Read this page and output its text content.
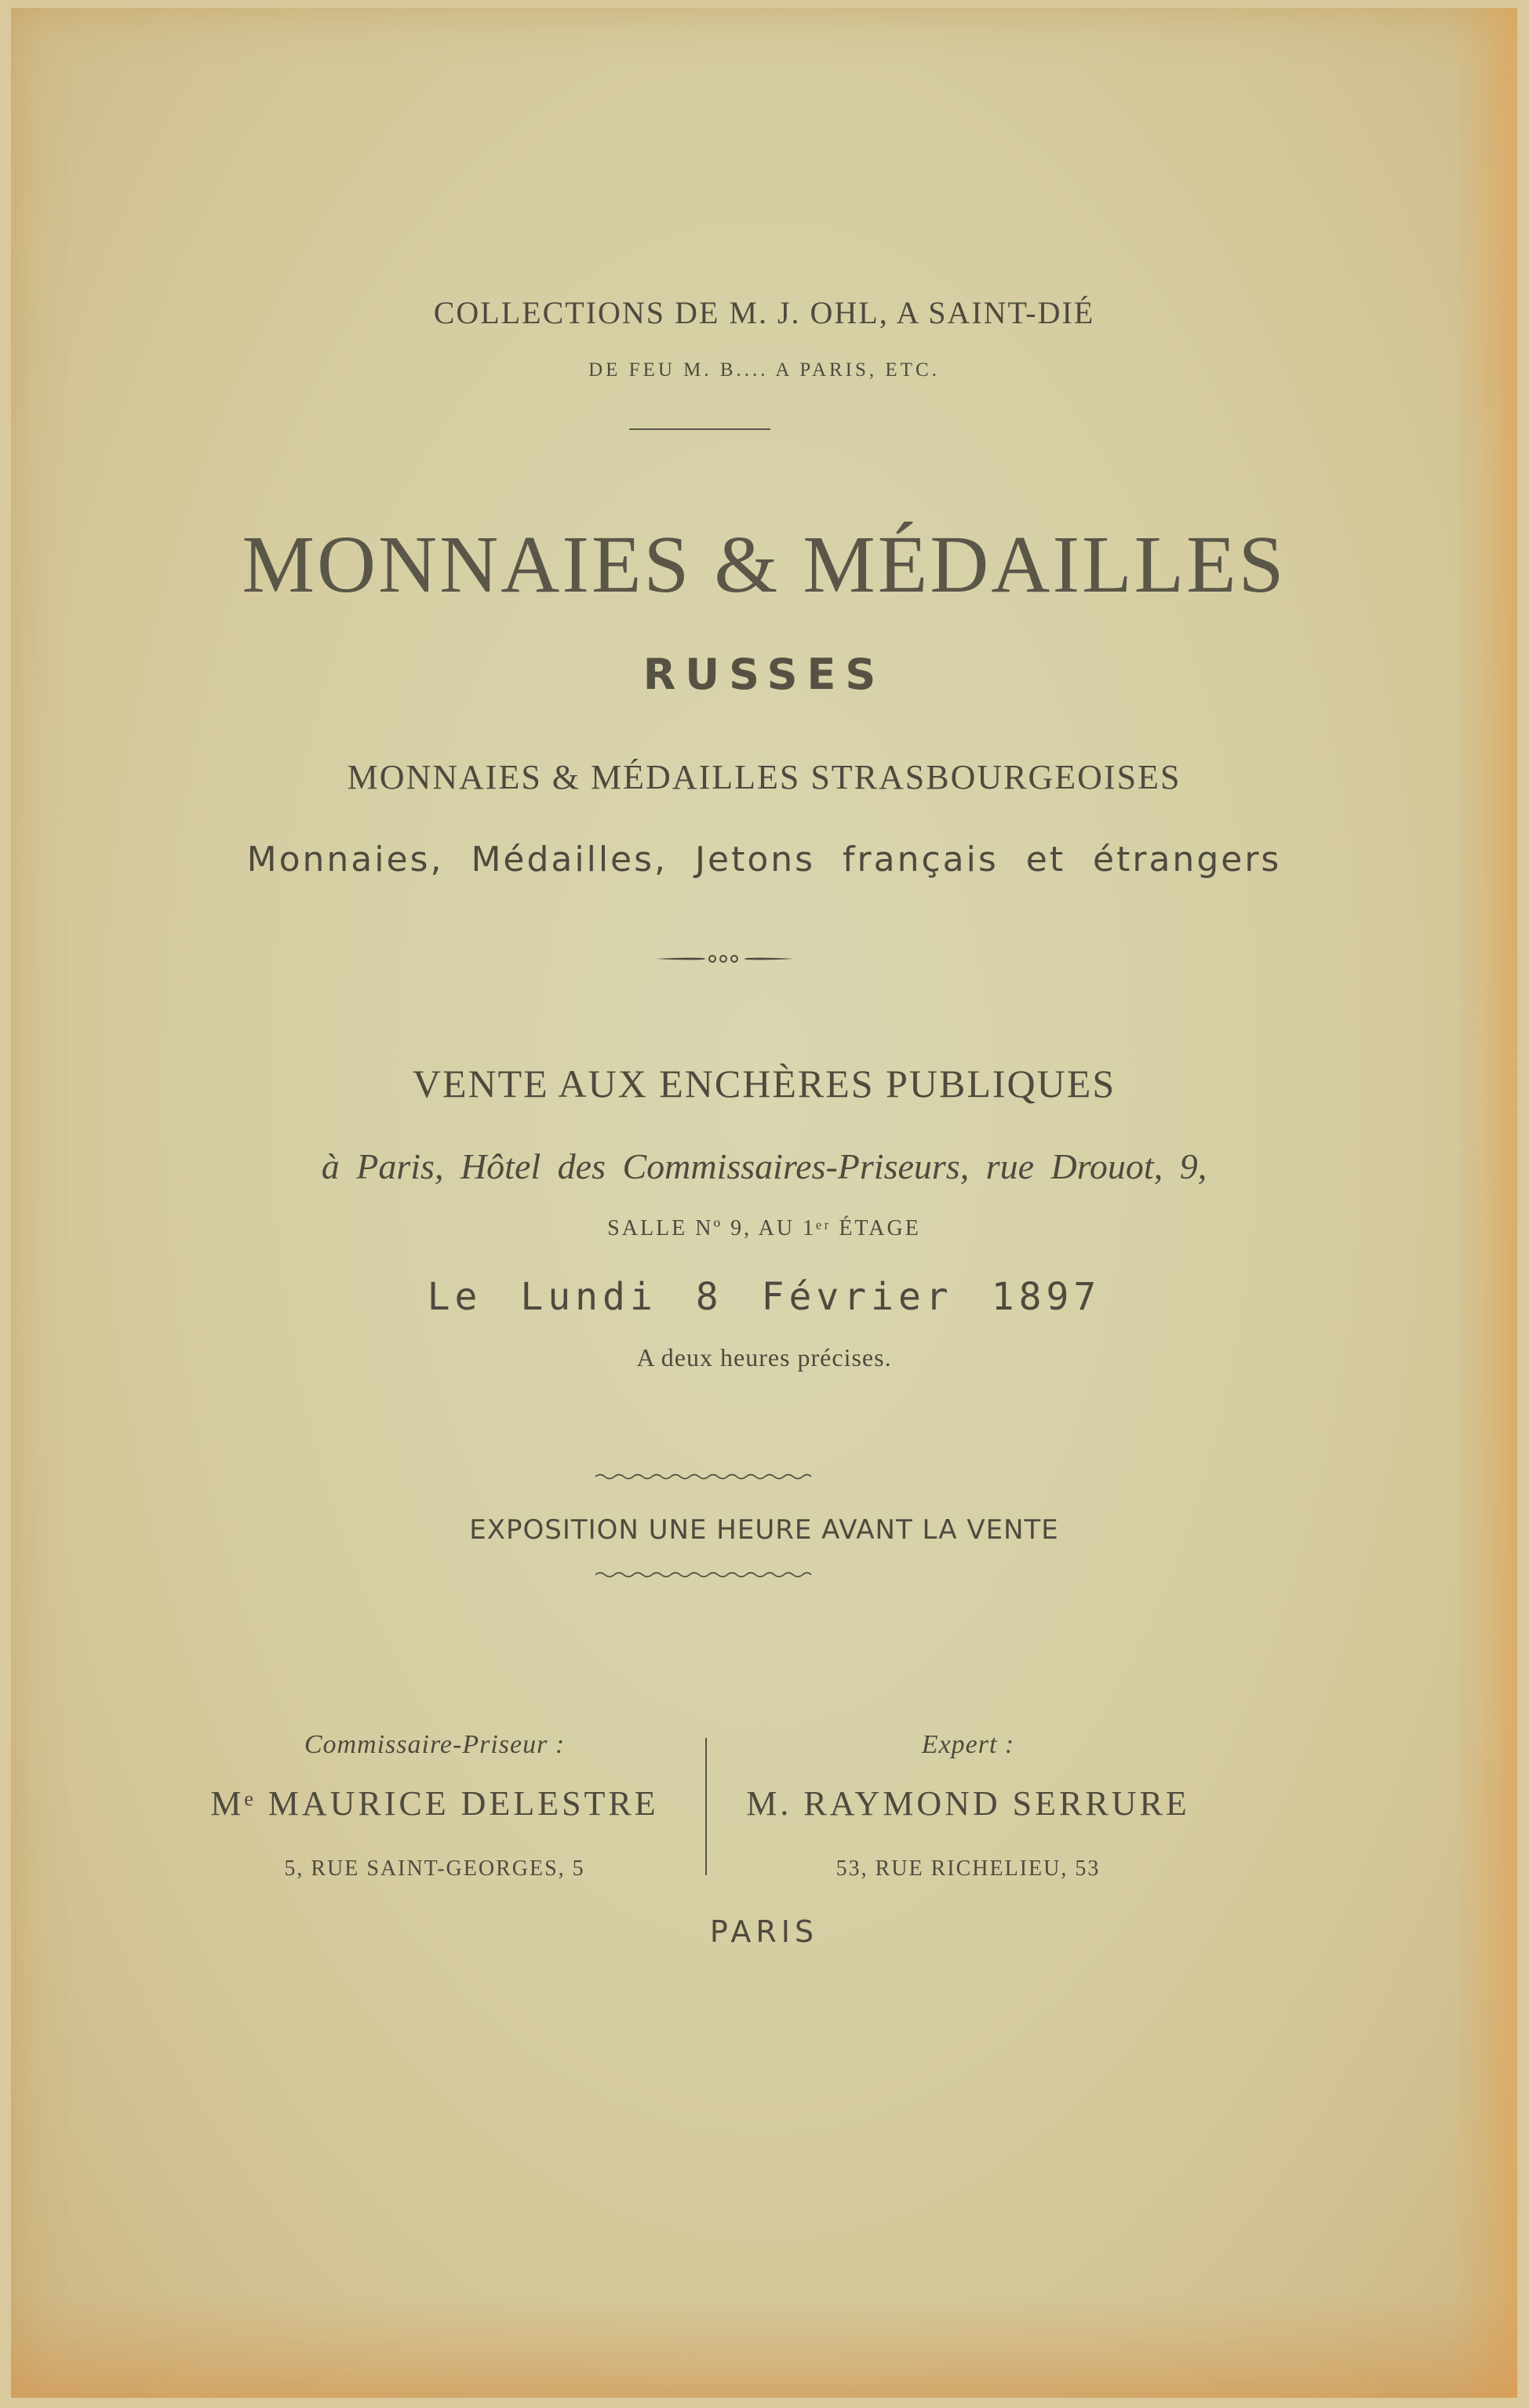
COLLECTIONS DE M. J. OHL, A SAINT-DIÉ
DE FEU M. B.... A PARIS, ETC.
MONNAIES & MÉDAILLES
RUSSES
MONNAIES & MÉDAILLES STRASBOURGEOISES
Monnaies, Médailles, Jetons français et étrangers
VENTE AUX ENCHÈRES PUBLIQUES
à Paris, Hôtel des Commissaires-Priseurs, rue Drouot, 9,
SALLE Nº 9, AU 1ᵉʳ ÉTAGE
Le Lundi 8 Février 1897
A deux heures précises.
EXPOSITION UNE HEURE AVANT LA VENTE
Commissaire-Priseur :
Mᵉ MAURICE DELESTRE
5, RUE SAINT-GEORGES, 5
Expert :
M. RAYMOND SERRURE
53, RUE RICHELIEU, 53
PARIS
